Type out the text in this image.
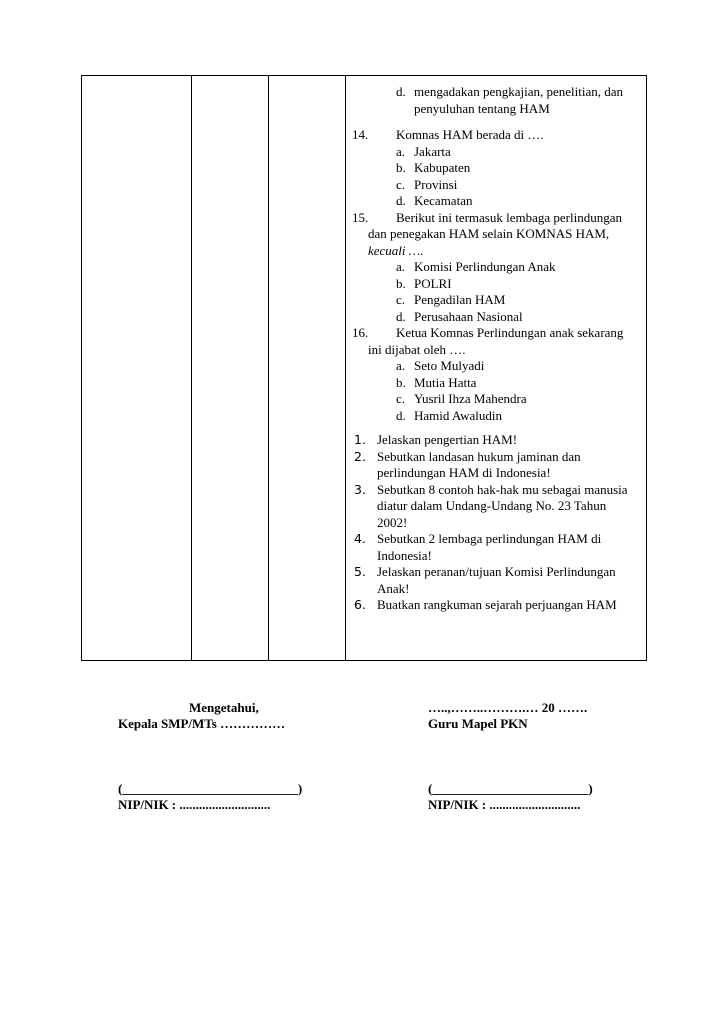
d. mengadakan pengkajian, penelitian, dan
penyuluhan tentang HAM
14.	Komnas HAM berada di ….
a. Jakarta
b. Kabupaten
c. Provinsi
d. Kecamatan
15.	Berikut ini termasuk lembaga perlindungan
dan penegakan HAM selain KOMNAS HAM,
kecuali ….
a. Komisi Perlindungan Anak
b. POLRI
c. Pengadilan HAM
d. Perusahaan Nasional
16.	Ketua Komnas Perlindungan anak sekarang
ini dijabat oleh ….
a. Seto Mulyadi
b. Mutia Hatta
c. Yusril Ihza Mahendra
d. Hamid Awaludin
1. Jelaskan pengertian HAM!
2. Sebutkan landasan hukum jaminan dan
perlindungan HAM di Indonesia!
3. Sebutkan 8 contoh hak-hak mu sebagai manusia
diatur dalam Undang-Undang No. 23 Tahun
2002!
4. Sebutkan 2 lembaga perlindungan HAM di
Indonesia!
5. Jelaskan peranan/tujuan Komisi Perlindungan
Anak!
6. Buatkan rangkuman sejarah perjuangan HAM
Mengetahui,
Kepala SMP/MTs ……………
(___________________________)
NIP/NIK : ............................
…..,……..……….… 20 …….
Guru Mapel PKN
(________________________)
NIP/NIK : ............................
